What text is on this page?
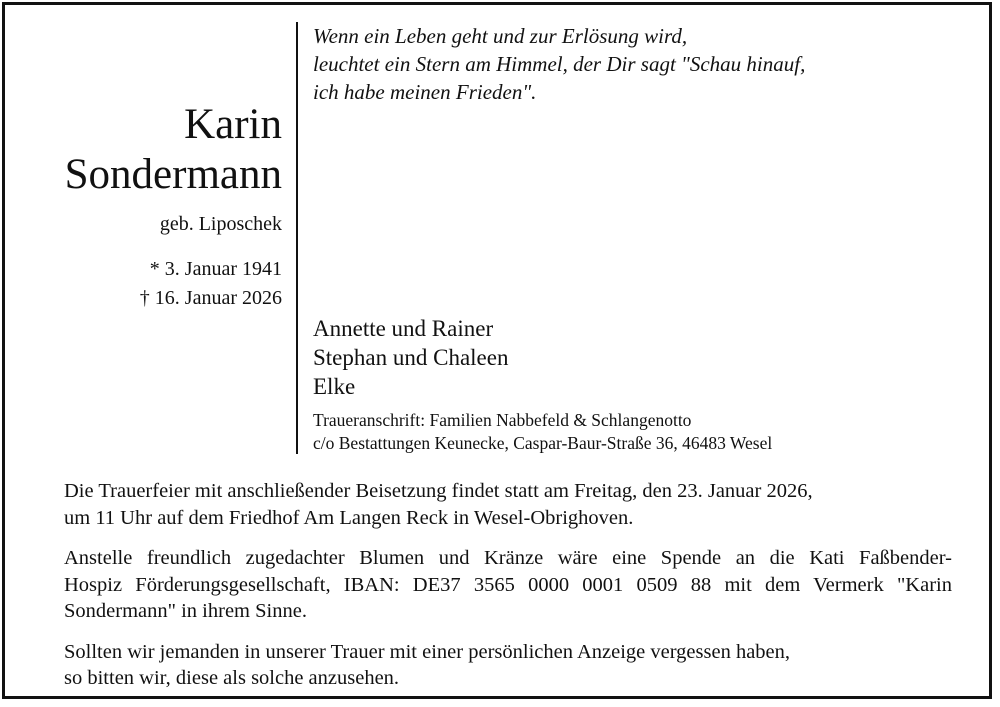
Karin
Sondermann
geb. Liposchek
* 3. Januar 1941
† 16. Januar 2026
Wenn ein Leben geht und zur Erlösung wird,
leuchtet ein Stern am Himmel, der Dir sagt "Schau hinauf,
ich habe meinen Frieden".
Annette und Rainer
Stephan und Chaleen
Elke
Traueranschrift: Familien Nabbefeld & Schlangenotto
c/o Bestattungen Keunecke, Caspar-Baur-Straße 36, 46483 Wesel

Die Trauerfeier mit anschließender Beisetzung findet statt am Freitag, den 23. Januar 2026,
um 11 Uhr auf dem Friedhof Am Langen Reck in Wesel-Obrighoven.

Anstelle freundlich zugedachter Blumen und Kränze wäre eine Spende an die Kati Faßbender-
Hospiz Förderungsgesellschaft, IBAN: DE37 3565 0000 0001 0509 88 mit dem Vermerk "Karin
Sondermann" in ihrem Sinne.

Sollten wir jemanden in unserer Trauer mit einer persönlichen Anzeige vergessen haben,
so bitten wir, diese als solche anzusehen.
